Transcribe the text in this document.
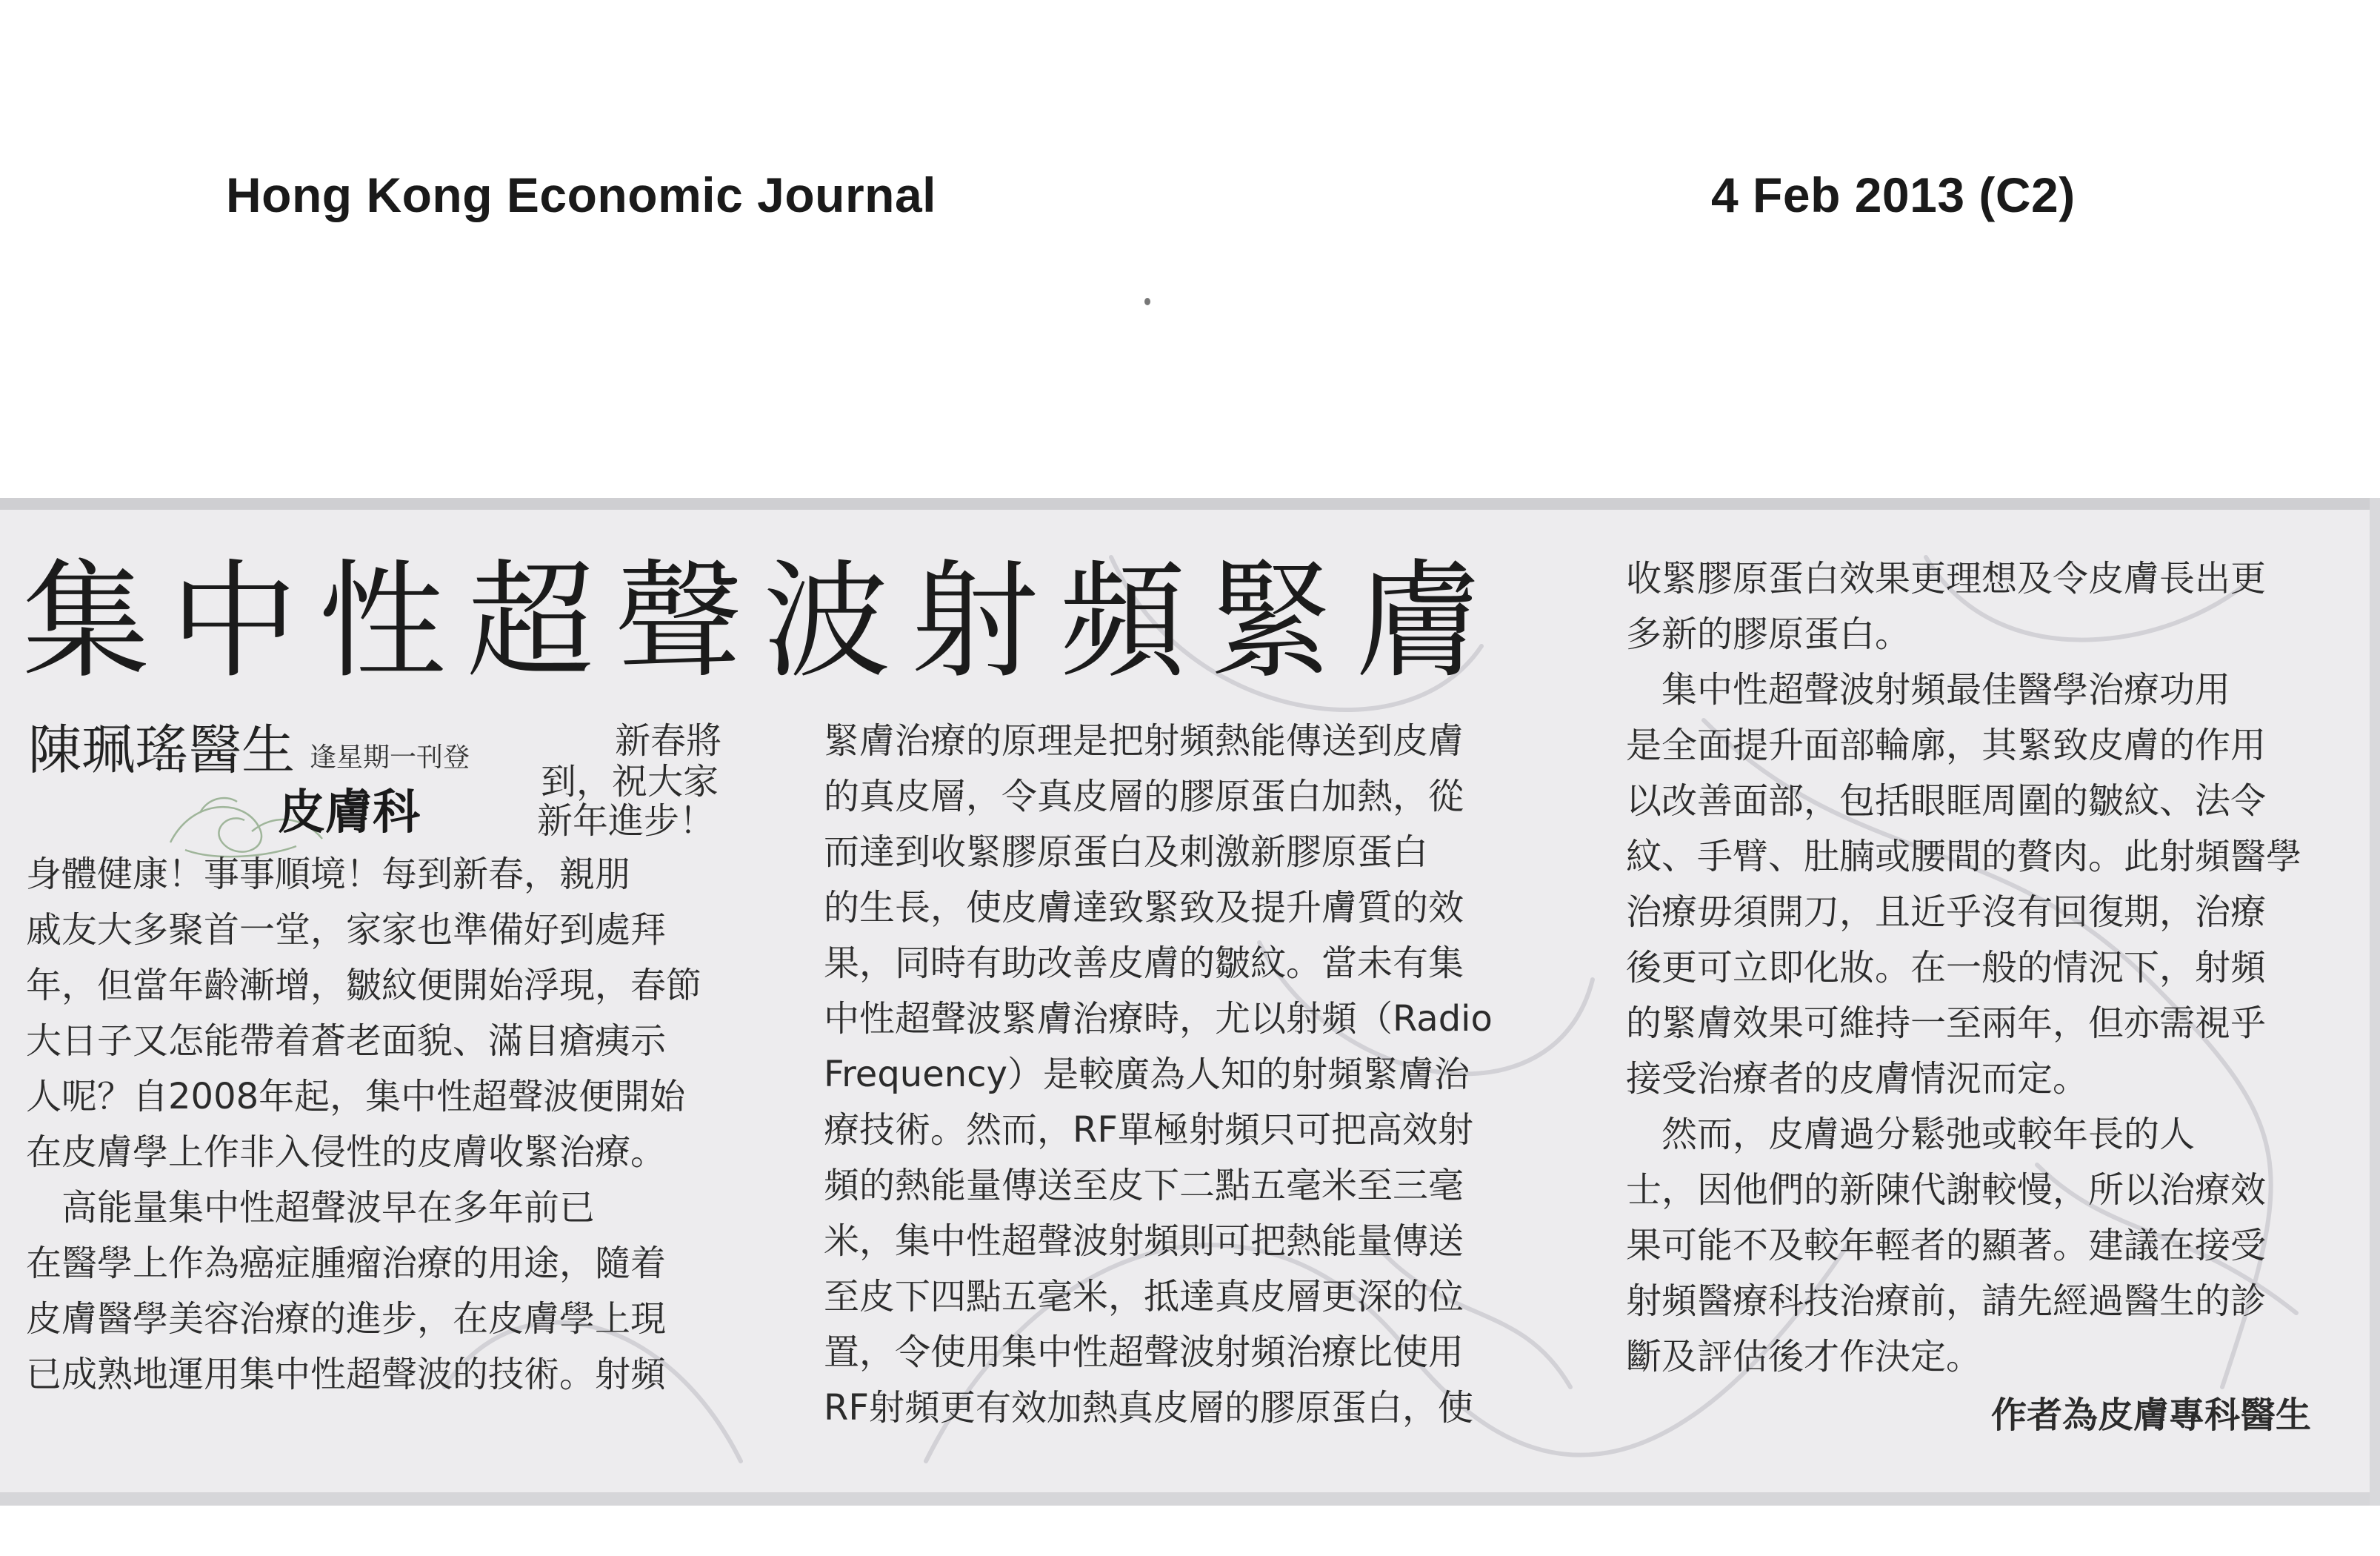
Hong Kong Economic Journal	4 Feb 2013 (C2)
集中性超聲波射頻緊膚
陳珮瑤醫生 逢星期一刊登
皮膚科

新春將

到，祝大家

新年進步！

身體健康！事事順境！每到新春，親朋

戚友大多聚首一堂，家家也準備好到處拜

年，但當年齡漸增，皺紋便開始浮現，春節

大日子又怎能帶着蒼老面貌、滿目瘡痍示

人呢？自2008年起，集中性超聲波便開始

在皮膚學上作非入侵性的皮膚收緊治療。

　高能量集中性超聲波早在多年前已

在醫學上作為癌症腫瘤治療的用途，隨着

皮膚醫學美容治療的進步，在皮膚學上現

已成熟地運用集中性超聲波的技術。射頻

緊膚治療的原理是把射頻熱能傳送到皮膚

的真皮層，令真皮層的膠原蛋白加熱，從

而達到收緊膠原蛋白及刺激新膠原蛋白

的生長，使皮膚達致緊致及提升膚質的效

果，同時有助改善皮膚的皺紋。當未有集

中性超聲波緊膚治療時，尤以射頻（Radio

Frequency）是較廣為人知的射頻緊膚治

療技術。然而，RF單極射頻只可把高效射

頻的熱能量傳送至皮下二點五毫米至三毫

米，集中性超聲波射頻則可把熱能量傳送

至皮下四點五毫米，抵達真皮層更深的位

置，令使用集中性超聲波射頻治療比使用

RF射頻更有效加熱真皮層的膠原蛋白，使

收緊膠原蛋白效果更理想及令皮膚長出更

多新的膠原蛋白。

　集中性超聲波射頻最佳醫學治療功用

是全面提升面部輪廓，其緊致皮膚的作用

以改善面部，包括眼眶周圍的皺紋、法令

紋、手臂、肚腩或腰間的贅肉。此射頻醫學

治療毋須開刀，且近乎沒有回復期，治療

後更可立即化妝。在一般的情況下，射頻

的緊膚效果可維持一至兩年，但亦需視乎

接受治療者的皮膚情況而定。

　然而，皮膚過分鬆弛或較年長的人

士，因他們的新陳代謝較慢，所以治療效

果可能不及較年輕者的顯著。建議在接受

射頻醫療科技治療前，請先經過醫生的診

斷及評估後才作決定。

作者為皮膚專科醫生
